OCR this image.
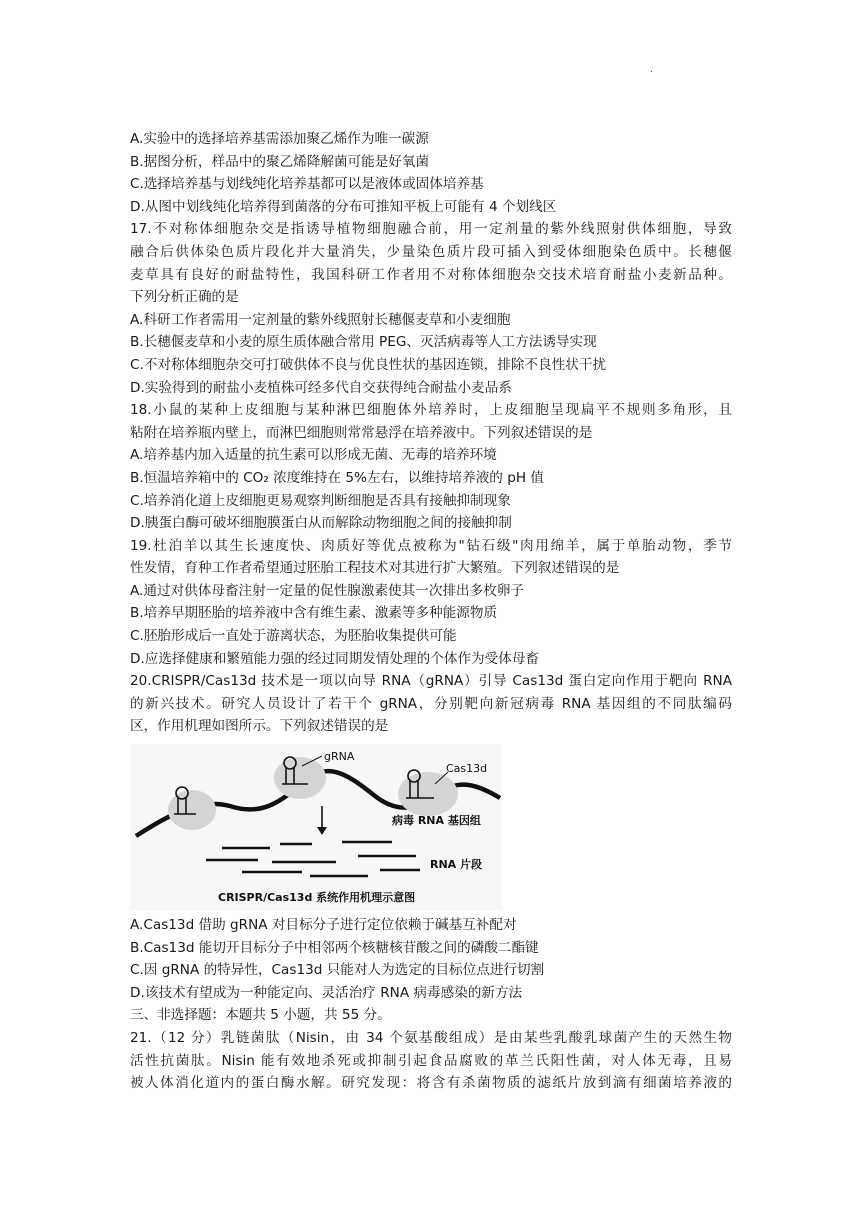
.
A.实验中的选择培养基需添加聚乙烯作为唯一碳源
B.据图分析，样品中的聚乙烯降解菌可能是好氧菌
C.选择培养基与划线纯化培养基都可以是液体或固体培养基
D.从图中划线纯化培养得到菌落的分布可推知平板上可能有 4 个划线区
17.不对称体细胞杂交是指诱导植物细胞融合前，用一定剂量的紫外线照射供体细胞，导致
融合后供体染色质片段化并大量消失，少量染色质片段可插入到受体细胞染色质中。长穗偃
麦草具有良好的耐盐特性，我国科研工作者用不对称体细胞杂交技术培育耐盐小麦新品种。
下列分析正确的是
A.科研工作者需用一定剂量的紫外线照射长穗偃麦草和小麦细胞
B.长穗偃麦草和小麦的原生质体融合常用 PEG、灭活病毒等人工方法诱导实现
C.不对称体细胞杂交可打破供体不良与优良性状的基因连锁，排除不良性状干扰
D.实验得到的耐盐小麦植株可经多代自交获得纯合耐盐小麦品系
18.小鼠的某种上皮细胞与某种淋巴细胞体外培养时，上皮细胞呈现扁平不规则多角形，且
粘附在培养瓶内壁上，而淋巴细胞则常常悬浮在培养液中。下列叙述错误的是
A.培养基内加入适量的抗生素可以形成无菌、无毒的培养环境
B.恒温培养箱中的 CO₂ 浓度维持在 5%左右，以维持培养液的 pH 值
C.培养消化道上皮细胞更易观察判断细胞是否具有接触抑制现象
D.胰蛋白酶可破坏细胞膜蛋白从而解除动物细胞之间的接触抑制
19.杜泊羊以其生长速度快、肉质好等优点被称为"钻石级"肉用绵羊，属于单胎动物，季节
性发情，育种工作者希望通过胚胎工程技术对其进行扩大繁殖。下列叙述错误的是
A.通过对供体母畜注射一定量的促性腺激素使其一次排出多枚卵子
B.培养早期胚胎的培养液中含有维生素、激素等多种能源物质
C.胚胎形成后一直处于游离状态，为胚胎收集提供可能
D.应选择健康和繁殖能力强的经过同期发情处理的个体作为受体母畜
20.CRISPR/Cas13d 技术是一项以向导 RNA（gRNA）引导 Cas13d 蛋白定向作用于靶向 RNA
的新兴技术。研究人员设计了若干个 gRNA，分别靶向新冠病毒 RNA 基因组的不同肽编码
区，作用机理如图所示。下列叙述错误的是
gRNA
Cas13d
病毒 RNA 基因组
RNA 片段
CRISPR/Cas13d 系统作用机理示意图
A.Cas13d 借助 gRNA 对目标分子进行定位依赖于碱基互补配对
B.Cas13d 能切开目标分子中相邻两个核糖核苷酸之间的磷酸二酯键
C.因 gRNA 的特异性，Cas13d 只能对人为选定的目标位点进行切割
D.该技术有望成为一种能定向、灵活治疗 RNA 病毒感染的新方法
三、非选择题：本题共 5 小题，共 55 分。
21.（12 分）乳链菌肽（Nisin，由 34 个氨基酸组成）是由某些乳酸乳球菌产生的天然生物
活性抗菌肽。Nisin 能有效地杀死或抑制引起食品腐败的革兰氏阳性菌，对人体无毒，且易
被人体消化道内的蛋白酶水解。研究发现：将含有杀菌物质的滤纸片放到滴有细菌培养液的
